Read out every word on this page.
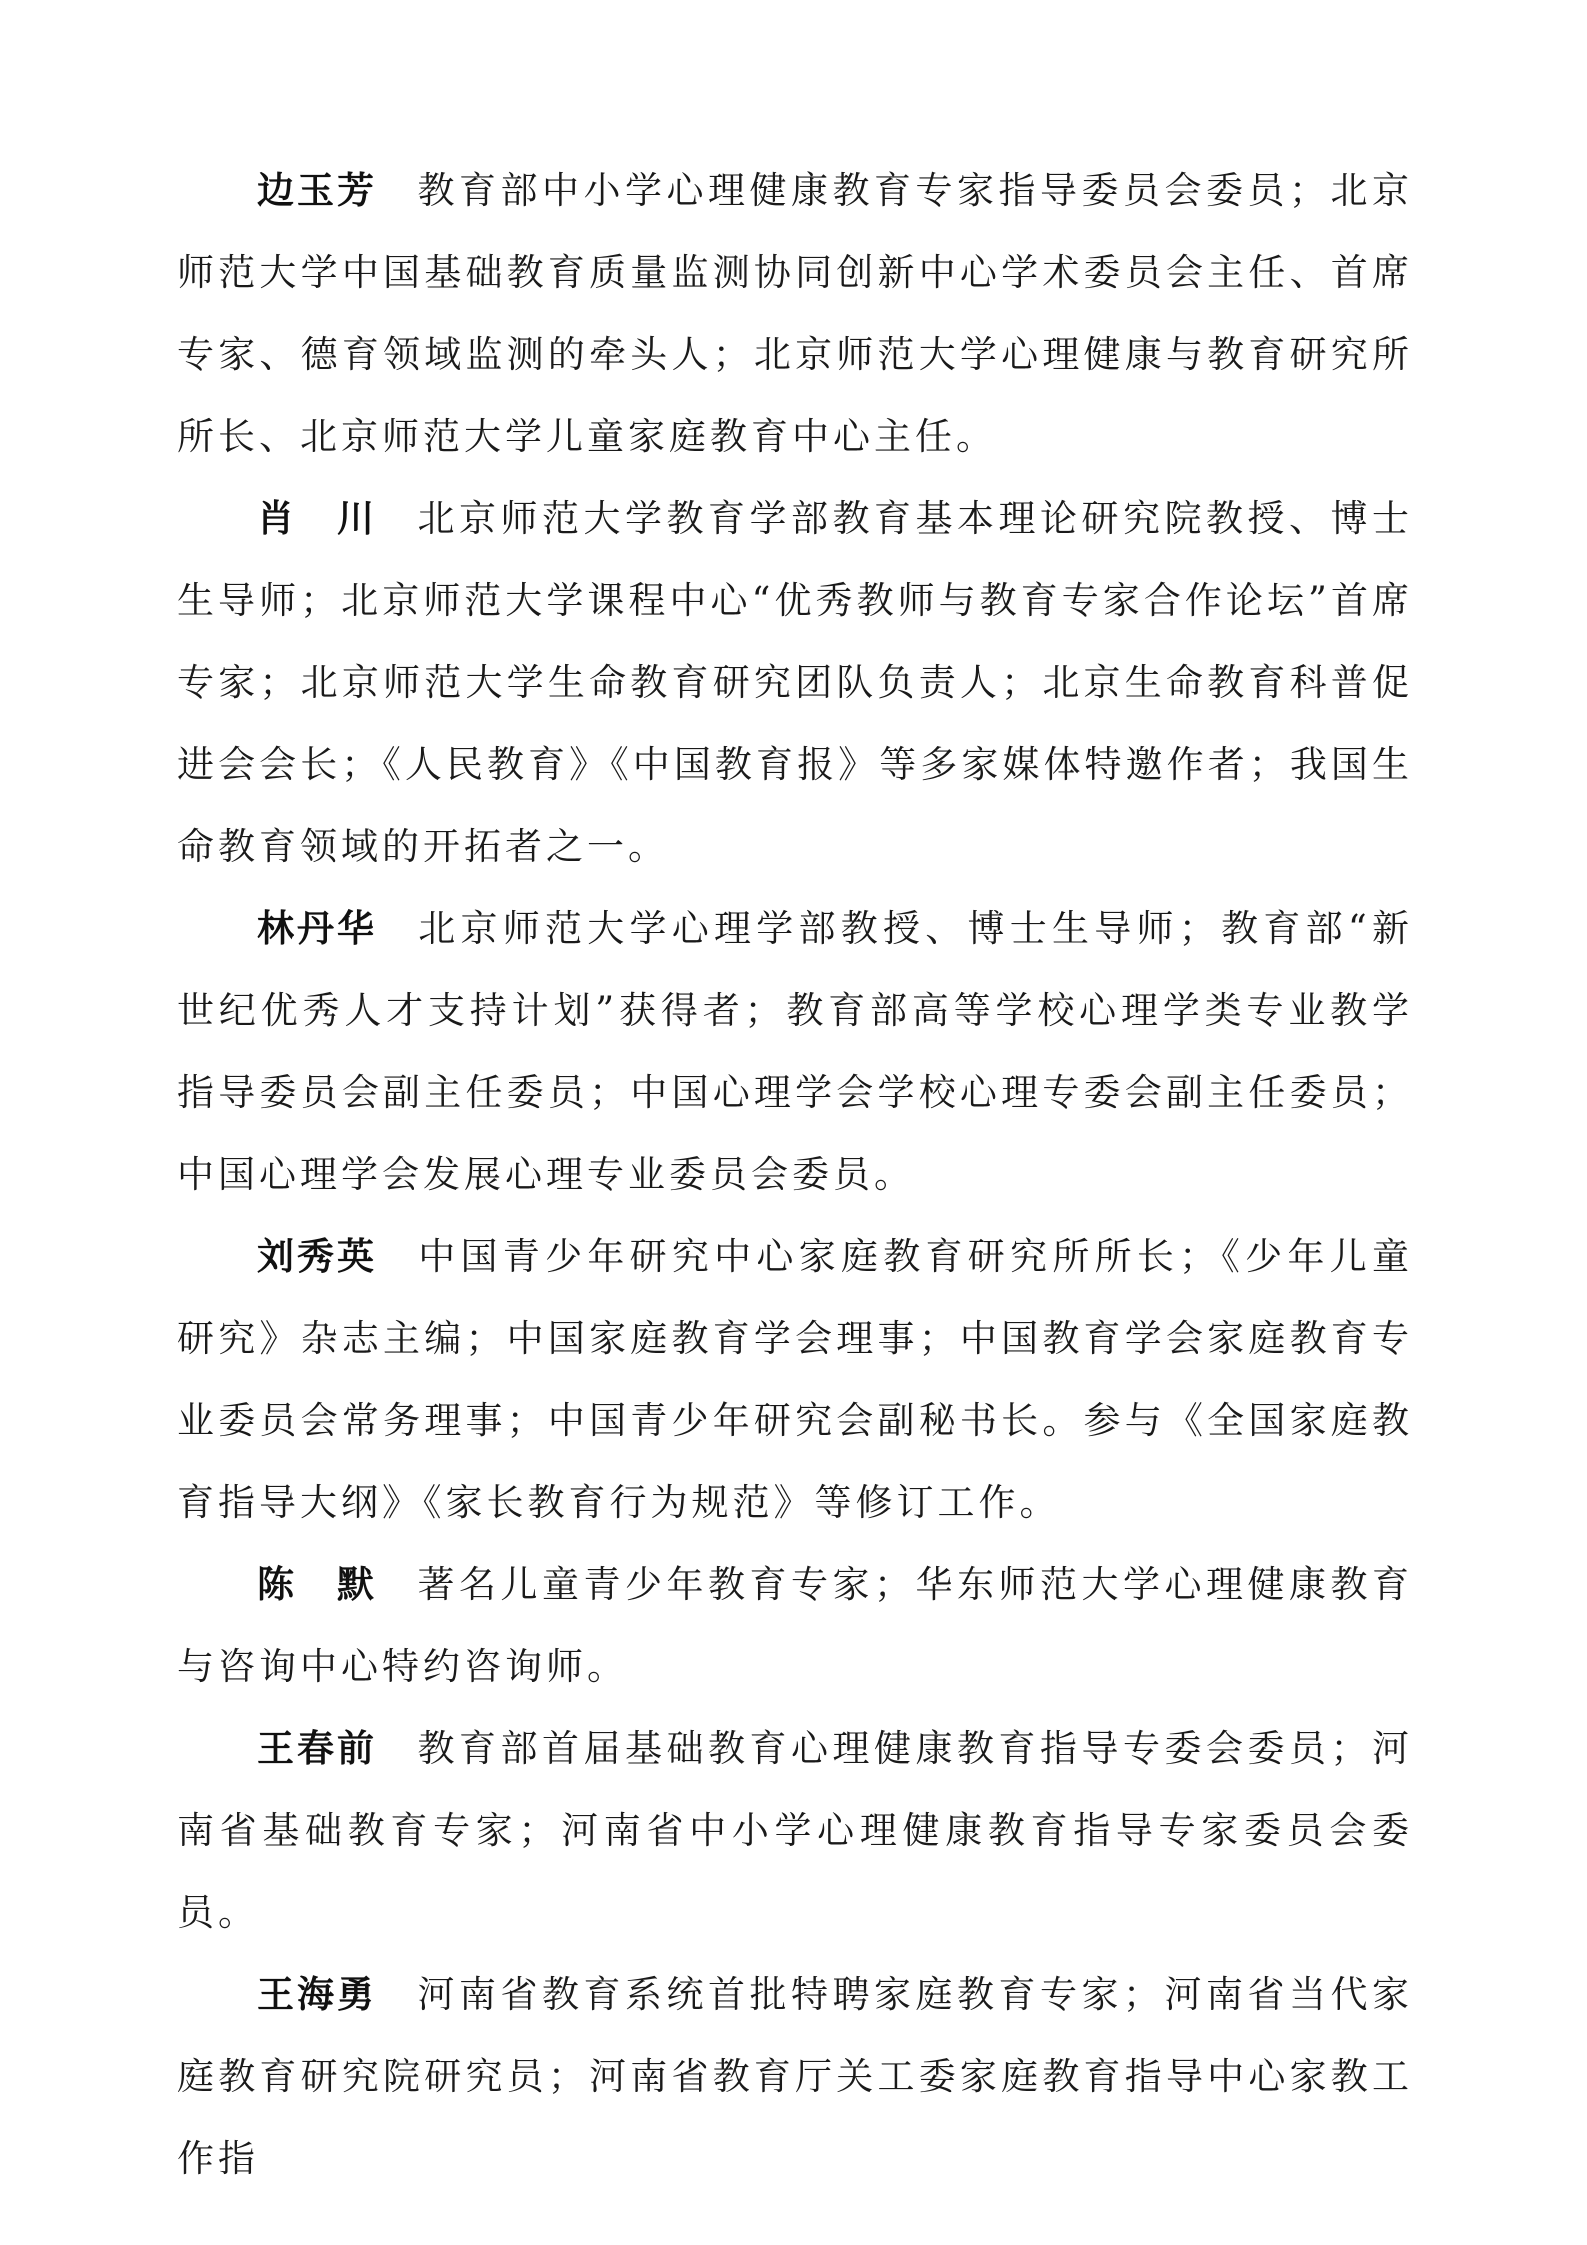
边玉芳 教育部中小学心理健康教育专家指导委员会委员；北京师范大学中国基础教育质量监测协同创新中心学术委员会主任、首席专家、德育领域监测的牵头人；北京师范大学心理健康与教育研究所所长、北京师范大学儿童家庭教育中心主任。

肖　川 北京师范大学教育学部教育基本理论研究院教授、博士生导师；北京师范大学课程中心“优秀教师与教育专家合作论坛”首席专家；北京师范大学生命教育研究团队负责人；北京生命教育科普促进会会长；《人民教育》《中国教育报》等多家媒体特邀作者；我国生命教育领域的开拓者之一。

林丹华 北京师范大学心理学部教授、博士生导师；教育部“新世纪优秀人才支持计划”获得者；教育部高等学校心理学类专业教学指导委员会副主任委员；中国心理学会学校心理专委会副主任委员；中国心理学会发展心理专业委员会委员。

刘秀英 中国青少年研究中心家庭教育研究所所长；《少年儿童研究》杂志主编；中国家庭教育学会理事；中国教育学会家庭教育专业委员会常务理事；中国青少年研究会副秘书长。参与《全国家庭教育指导大纲》《家长教育行为规范》等修订工作。

陈　默 著名儿童青少年教育专家；华东师范大学心理健康教育与咨询中心特约咨询师。

王春前 教育部首届基础教育心理健康教育指导专委会委员；河南省基础教育专家；河南省中小学心理健康教育指导专家委员会委员。

王海勇 河南省教育系统首批特聘家庭教育专家；河南省当代家庭教育研究院研究员；河南省教育厅关工委家庭教育指导中心家教工作指
